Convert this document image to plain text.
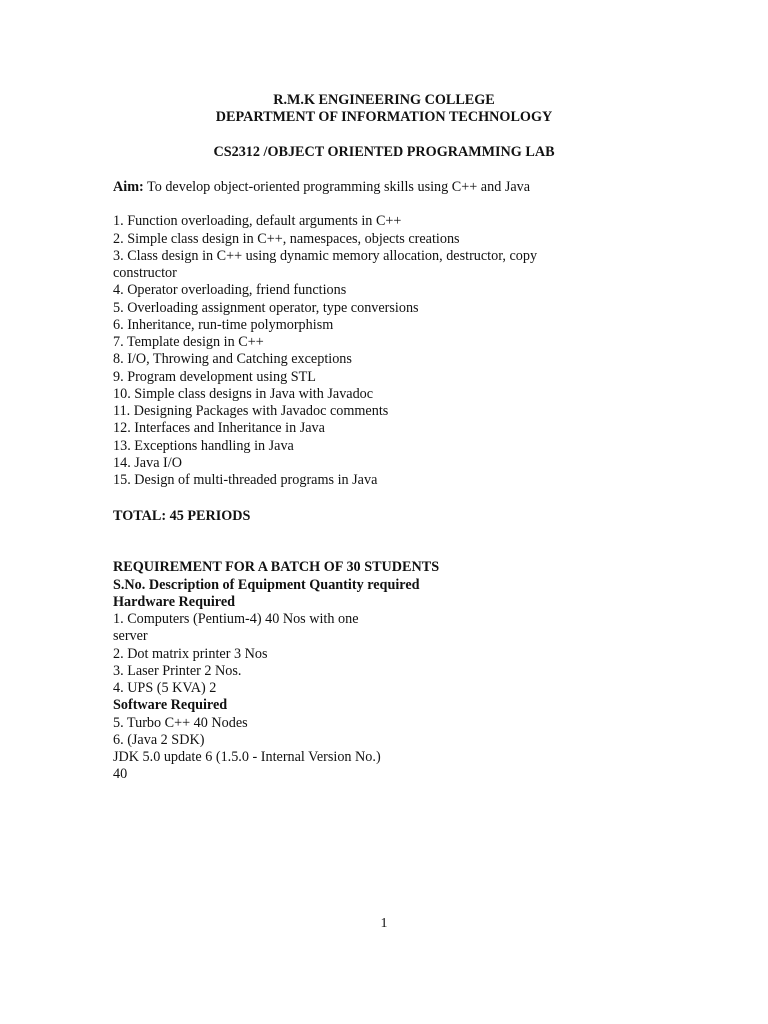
R.M.K ENGINEERING COLLEGE
DEPARTMENT OF INFORMATION TECHNOLOGY
CS2312 /OBJECT ORIENTED PROGRAMMING LAB
Aim: To develop object-oriented programming skills using C++ and Java
1. Function overloading, default arguments in C++
2. Simple class design in C++, namespaces, objects creations
3. Class design in C++ using dynamic memory allocation, destructor, copy
constructor
4. Operator overloading, friend functions
5. Overloading assignment operator, type conversions
6. Inheritance, run-time polymorphism
7. Template design in C++
8. I/O, Throwing and Catching exceptions
9. Program development using STL
10. Simple class designs in Java with Javadoc
11. Designing Packages with Javadoc comments
12. Interfaces and Inheritance in Java
13. Exceptions handling in Java
14. Java I/O
15. Design of multi-threaded programs in Java
TOTAL: 45 PERIODS
REQUIREMENT FOR A BATCH OF 30 STUDENTS
S.No. Description of Equipment Quantity required
Hardware Required
1. Computers (Pentium-4) 40 Nos with one
server
2. Dot matrix printer 3 Nos
3. Laser Printer 2 Nos.
4. UPS (5 KVA) 2
Software Required
5. Turbo C++ 40 Nodes
6. (Java 2 SDK)
JDK 5.0 update 6 (1.5.0 - Internal Version No.)
40
1
